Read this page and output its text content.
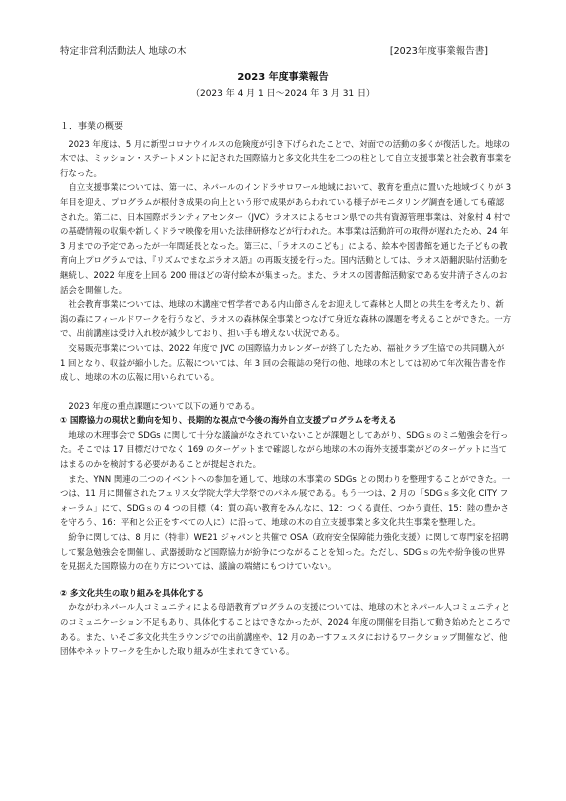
特定非営利活動法人 地球の木	[2023年度事業報告書]
2023 年度事業報告
（2023 年 4 月 1 日～2024 年 3 月 31 日）
１．事業の概要

2023 年度は、5 月に新型コロナウイルスの危険度が引き下げられたことで、対面での活動の多くが復活した。地球の木では、ミッション・ステートメントに記された国際協力と多文化共生を二つの柱として自立支援事業と社会教育事業を行なった。

自立支援事業については、第一に、ネパールのインドラサロワール地域において、教育を重点に置いた地域づくりが 3 年目を迎え、プログラムが根付き成果の向上という形で成果があらわれている様子がモニタリング調査を通しても確認された。第二に、日本国際ボランティアセンター（JVC）ラオスによるセコン県での共有資源管理事業は、対象村 4 村での基礎情報の収集や新しくドラマ映像を用いた法律研修などが行われた。本事業は活動許可の取得が遅れたため、24 年 3 月までの予定であったが一年間延長となった。第三に、「ラオスのこども」による、絵本や図書館を通じた子どもの教育向上プログラムでは、『リズムでまなぶラオス語』の再販支援を行った。国内活動としては、ラオス語翻訳貼付活動を継続し、2022 年度を上回る 200 冊ほどの寄付絵本が集まった。また、ラオスの図書館活動家である安井清子さんのお話会を開催した。

社会教育事業については、地球の木講座で哲学者である内山節さんをお迎えして森林と人間との共生を考えたり、新潟の森にフィールドワークを行うなど、ラオスの森林保全事業とつなげて身近な森林の課題を考えることができた。一方で、出前講座は受け入れ校が減少しており、担い手も増えない状況である。

交易販売事業については、2022 年度で JVC の国際協力カレンダーが終了したため、福祉クラブ生協での共同購入が 1 回となり、収益が縮小した。広報については、年 3 回の会報誌の発行の他、地球の木としては初めて年次報告書を作成し、地球の木の広報に用いられている。

2023 年度の重点課題について以下の通りである。

① 国際協力の現状と動向を知り、長期的な視点で今後の海外自立支援プログラムを考える

地球の木理事会で SDGs に関して十分な議論がなされていないことが課題としてあがり、SDGｓのミニ勉強会を行った。そこでは 17 目標だけでなく 169 のターゲットまで確認しながら地球の木の海外支援事業がどのターゲットに当てはまるのかを検討する必要があることが提起された。

また、YNN 関連の二つのイベントへの参加を通して、地球の木事業の SDGs との関わりを整理することができた。一つは、11 月に開催されたフェリス女学院大学大学祭でのパネル展である。もう一つは、2 月の「SDGｓ多文化 CITY フォーラム」にて、SDGｓの 4 つの目標（4：質の高い教育をみんなに、12：つくる責任、つかう責任、15：陸の豊かさを守ろう、16：平和と公正をすべての人に）に沿って、地球の木の自立支援事業と多文化共生事業を整理した。

紛争に関しては、8 月に（特非）WE21 ジャパンと共催で OSA（政府安全保障能力強化支援）に関して専門家を招聘して緊急勉強会を開催し、武器援助など国際協力が紛争につながることを知った。ただし、SDGｓの先や紛争後の世界を見据えた国際協力の在り方については、議論の端緒にもつけていない。

② 多文化共生の取り組みを具体化する

かながわネパール人コミュニティによる母語教育プログラムの支援については、地球の木とネパール人コミュニティとのコミュニケーション不足もあり、具体化することはできなかったが、2024 年度の開催を目指して動き始めたところである。また、いそご多文化共生ラウンジでの出前講座や、12 月のあーすフェスタにおけるワークショップ開催など、他団体やネットワークを生かした取り組みが生まれてきている。
